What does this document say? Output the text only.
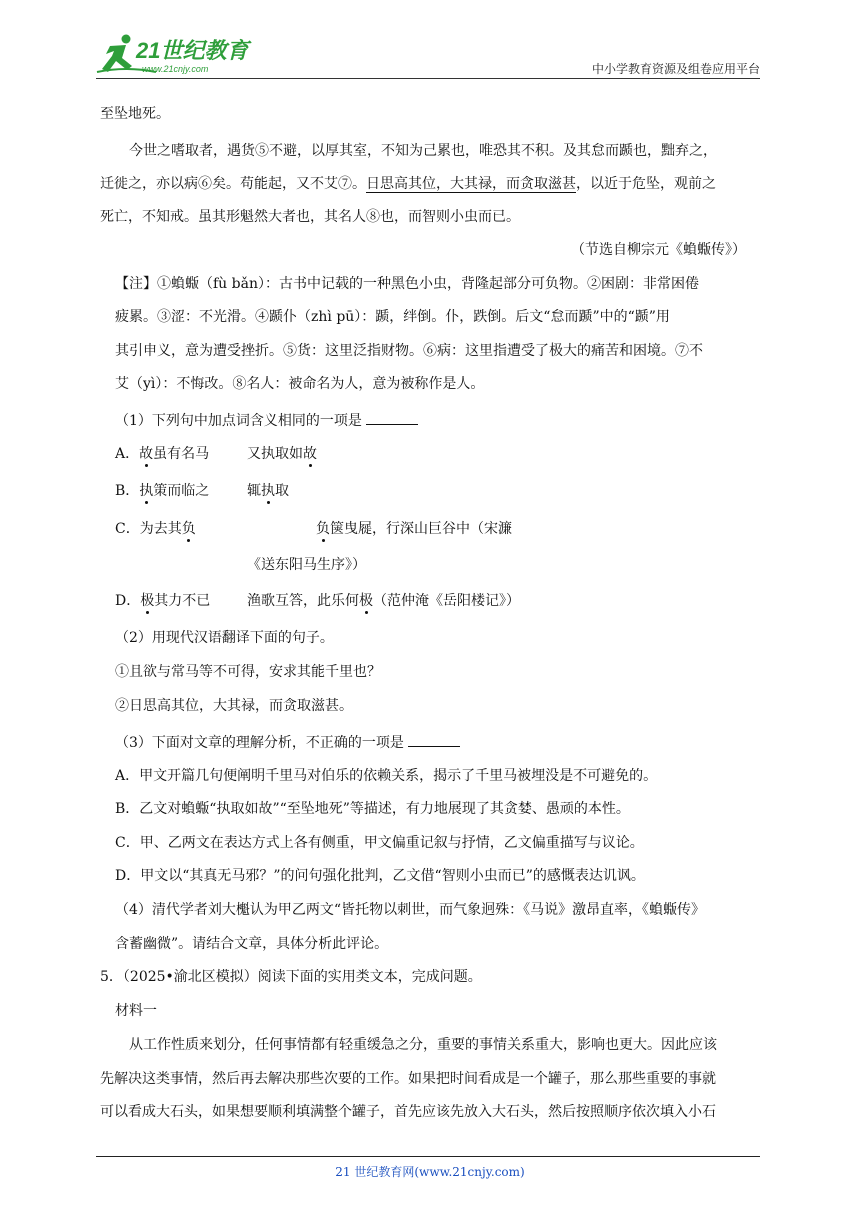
21世纪教育
www.21cnjy.com	中小学教育资源及组卷应用平台
至坠地死。
今世之嗜取者，遇货⑤不避，以厚其室，不知为己累也，唯恐其不积。及其怠而踬也，黜弃之，
迁徙之，亦以病⑥矣。苟能起，又不艾⑦。日思高其位，大其禄，而贪取滋甚，以近于危坠，观前之
死亡，不知戒。虽其形魁然大者也，其名人⑧也，而智则小虫而已。
（节选自柳宗元《蝜蝂传》）
【注】①蝜蝂（fù bǎn）：古书中记载的一种黑色小虫，背隆起部分可负物。②困剧：非常困倦
疲累。③涩：不光滑。④踬仆（zhì pū）：踬，绊倒。仆，跌倒。后文“怠而踬”中的“踬”用
其引申义，意为遭受挫折。⑤货：这里泛指财物。⑥病：这里指遭受了极大的痛苦和困境。⑦不
艾（yì）：不悔改。⑧名人：被命名为人，意为被称作是人。
（1）下列句中加点词含义相同的一项是
A．故虽有名马	又执取如故
B．执策而临之	辄执取
C．为去其负	负箧曳屣，行深山巨谷中（宋濂
《送东阳马生序》）
D．极其力不已	渔歌互答，此乐何极（范仲淹《岳阳楼记》）
（2）用现代汉语翻译下面的句子。
①且欲与常马等不可得，安求其能千里也？
②日思高其位，大其禄，而贪取滋甚。
（3）下面对文章的理解分析，不正确的一项是
A．甲文开篇几句便阐明千里马对伯乐的依赖关系，揭示了千里马被埋没是不可避免的。
B．乙文对蝜蝂“执取如故”“至坠地死”等描述，有力地展现了其贪婪、愚顽的本性。
C．甲、乙两文在表达方式上各有侧重，甲文偏重记叙与抒情，乙文偏重描写与议论。
D．甲文以“其真无马邪？”的问句强化批判，乙文借“智则小虫而已”的感慨表达讥讽。
（4）清代学者刘大櫆认为甲乙两文“皆托物以刺世，而气象迥殊：《马说》激昂直率，《蝜蝂传》
含蓄幽微”。请结合文章，具体分析此评论。
5．（2025•渝北区模拟）阅读下面的实用类文本，完成问题。
材料一
从工作性质来划分，任何事情都有轻重缓急之分，重要的事情关系重大，影响也更大。因此应该
先解决这类事情，然后再去解决那些次要的工作。如果把时间看成是一个罐子，那么那些重要的事就
可以看成大石头，如果想要顺利填满整个罐子，首先应该先放入大石头，然后按照顺序依次填入小石
21 世纪教育网(www.21cnjy.com)
